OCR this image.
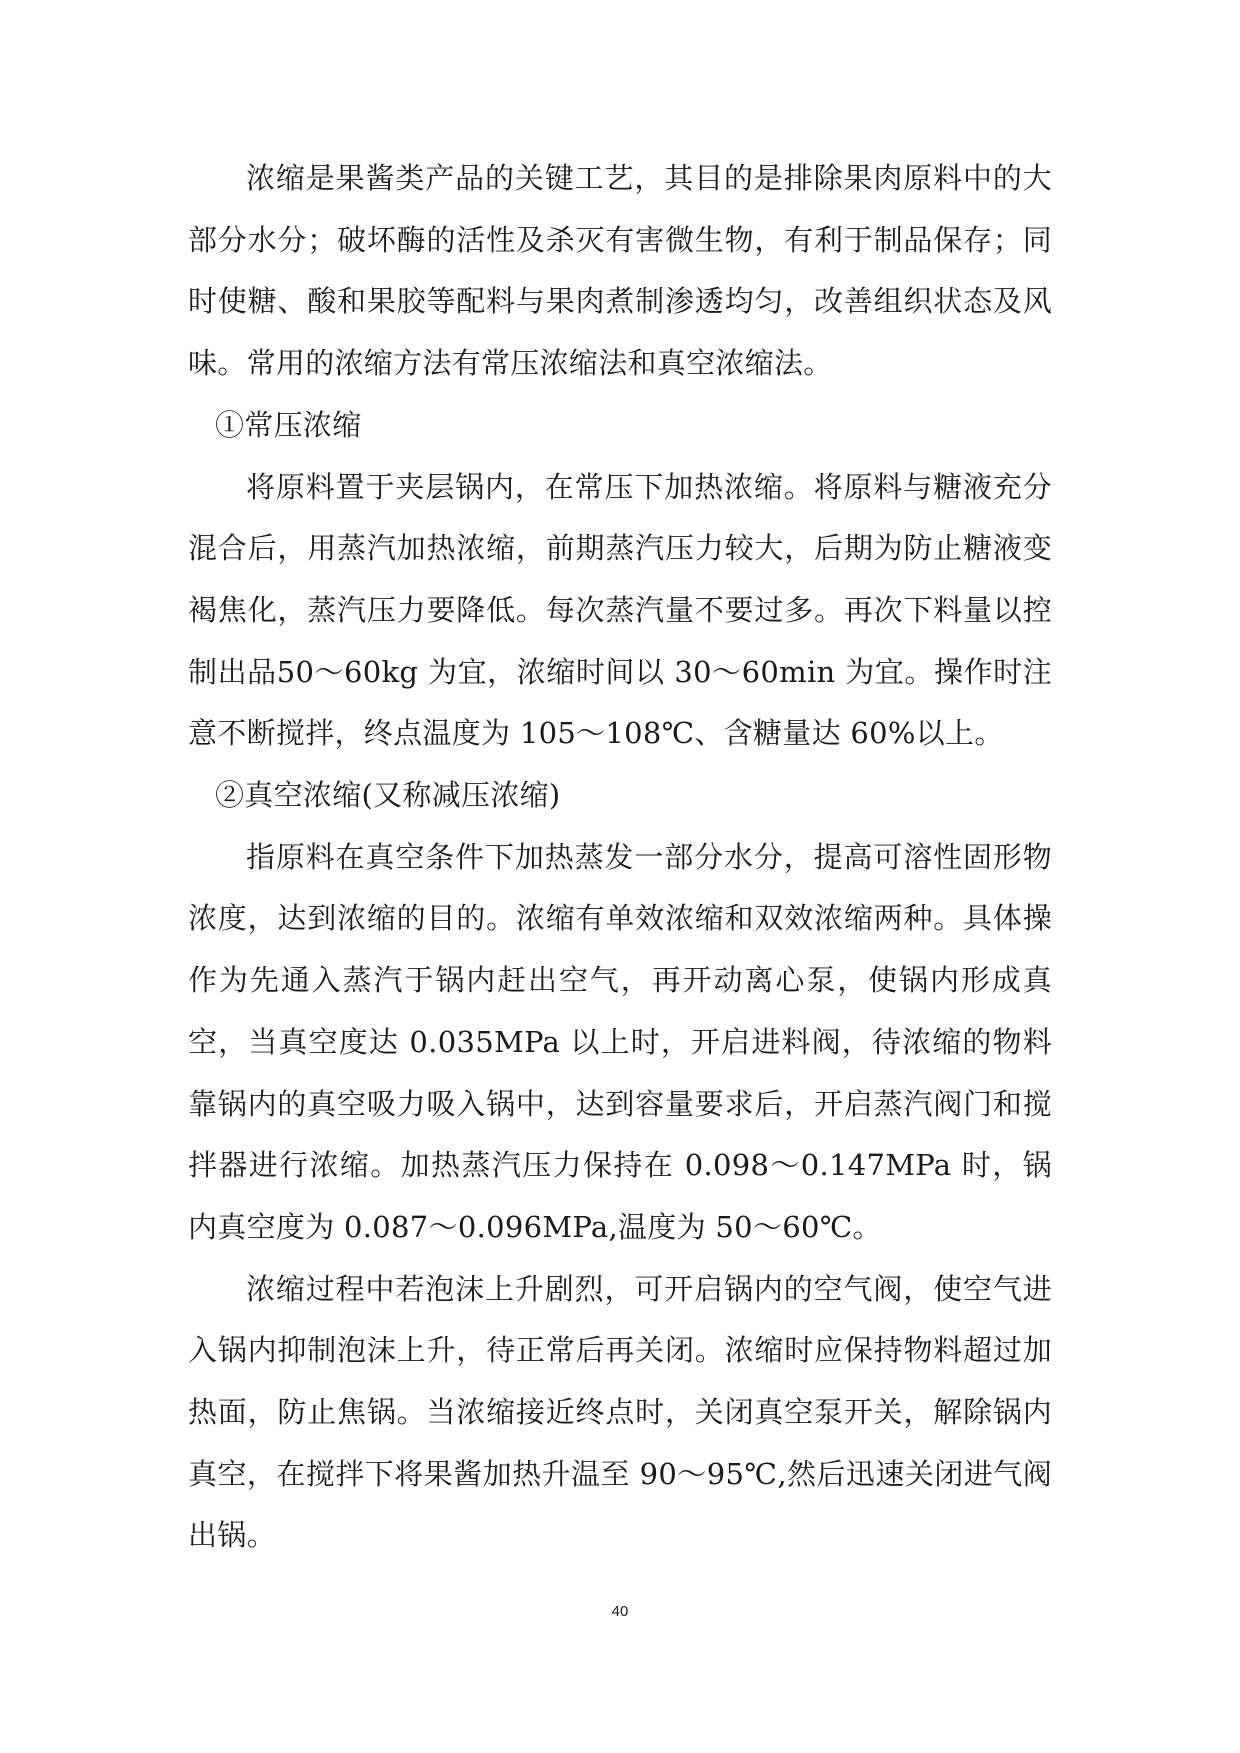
浓缩是果酱类产品的关键工艺，其目的是排除果肉原料中的大部分水分；破坏酶的活性及杀灭有害微生物，有利于制品保存；同时使糖、酸和果胶等配料与果肉煮制渗透均匀，改善组织状态及风味。常用的浓缩方法有常压浓缩法和真空浓缩法。

①常压浓缩

将原料置于夹层锅内，在常压下加热浓缩。将原料与糖液充分混合后，用蒸汽加热浓缩，前期蒸汽压力较大，后期为防止糖液变褐焦化，蒸汽压力要降低。每次蒸汽量不要过多。再次下料量以控制出品50～60kg 为宜，浓缩时间以 30～60min 为宜。操作时注意不断搅拌，终点温度为 105～108℃、含糖量达 60%以上。

②真空浓缩(又称减压浓缩)

指原料在真空条件下加热蒸发一部分水分，提高可溶性固形物浓度，达到浓缩的目的。浓缩有单效浓缩和双效浓缩两种。具体操作为先通入蒸汽于锅内赶出空气，再开动离心泵，使锅内形成真空，当真空度达 0.035MPa 以上时，开启进料阀，待浓缩的物料靠锅内的真空吸力吸入锅中，达到容量要求后，开启蒸汽阀门和搅拌器进行浓缩。加热蒸汽压力保持在 0.098～0.147MPa 时，锅内真空度为 0.087～0.096MPa,温度为 50～60℃。

浓缩过程中若泡沫上升剧烈，可开启锅内的空气阀，使空气进入锅内抑制泡沫上升，待正常后再关闭。浓缩时应保持物料超过加热面，防止焦锅。当浓缩接近终点时，关闭真空泵开关，解除锅内真空，在搅拌下将果酱加热升温至 90～95℃,然后迅速关闭进气阀出锅。

40
